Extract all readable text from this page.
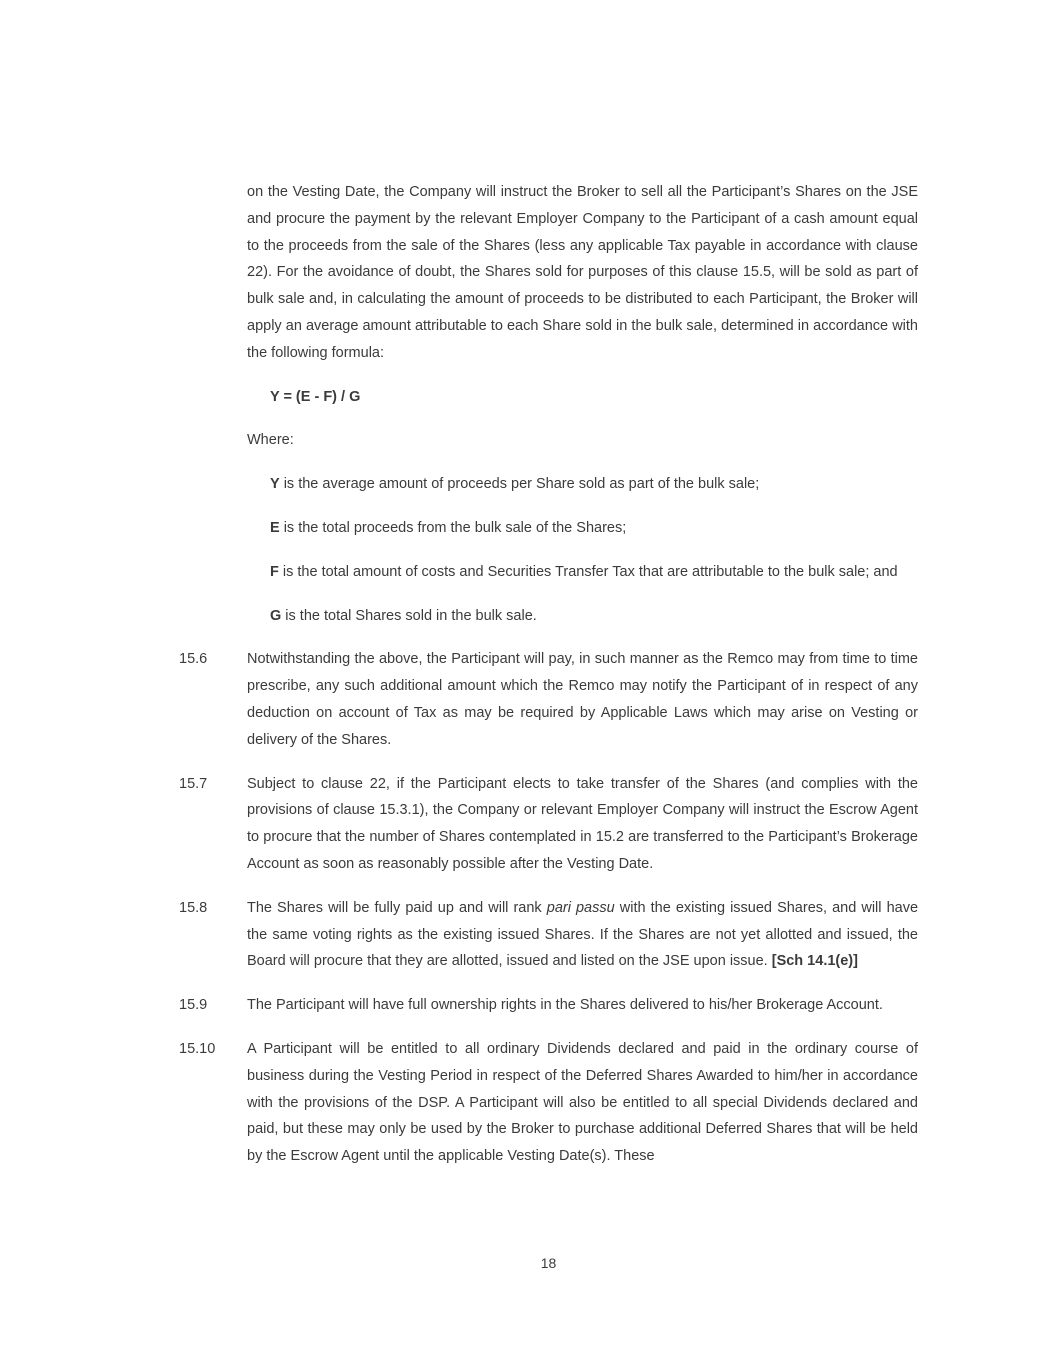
on the Vesting Date, the Company will instruct the Broker to sell all the Participant’s Shares on the JSE and procure the payment by the relevant Employer Company to the Participant of a cash amount equal to the proceeds from the sale of the Shares (less any applicable Tax payable in accordance with clause 22). For the avoidance of doubt, the Shares sold for purposes of this clause 15.5, will be sold as part of bulk sale and, in calculating the amount of proceeds to be distributed to each Participant, the Broker will apply an average amount attributable to each Share sold in the bulk sale, determined in accordance with the following formula:

Y = (E - F) / G

Where:

Y is the average amount of proceeds per Share sold as part of the bulk sale;

E is the total proceeds from the bulk sale of the Shares;

F is the total amount of costs and Securities Transfer Tax that are attributable to the bulk sale; and

G is the total Shares sold in the bulk sale.

15.6	Notwithstanding the above, the Participant will pay, in such manner as the Remco may from time to time prescribe, any such additional amount which the Remco may notify the Participant of in respect of any deduction on account of Tax as may be required by Applicable Laws which may arise on Vesting or delivery of the Shares.
15.7	Subject to clause 22, if the Participant elects to take transfer of the Shares (and complies with the provisions of clause 15.3.1), the Company or relevant Employer Company will instruct the Escrow Agent to procure that the number of Shares contemplated in 15.2 are transferred to the Participant’s Brokerage Account as soon as reasonably possible after the Vesting Date.
15.8	The Shares will be fully paid up and will rank pari passu with the existing issued Shares, and will have the same voting rights as the existing issued Shares. If the Shares are not yet allotted and issued, the Board will procure that they are allotted, issued and listed on the JSE upon issue. [Sch 14.1(e)]
15.9	The Participant will have full ownership rights in the Shares delivered to his/her Brokerage Account.
15.10	A Participant will be entitled to all ordinary Dividends declared and paid in the ordinary course of business during the Vesting Period in respect of the Deferred Shares Awarded to him/her in accordance with the provisions of the DSP. A Participant will also be entitled to all special Dividends declared and paid, but these may only be used by the Broker to purchase additional Deferred Shares that will be held by the Escrow Agent until the applicable Vesting Date(s). These
18
